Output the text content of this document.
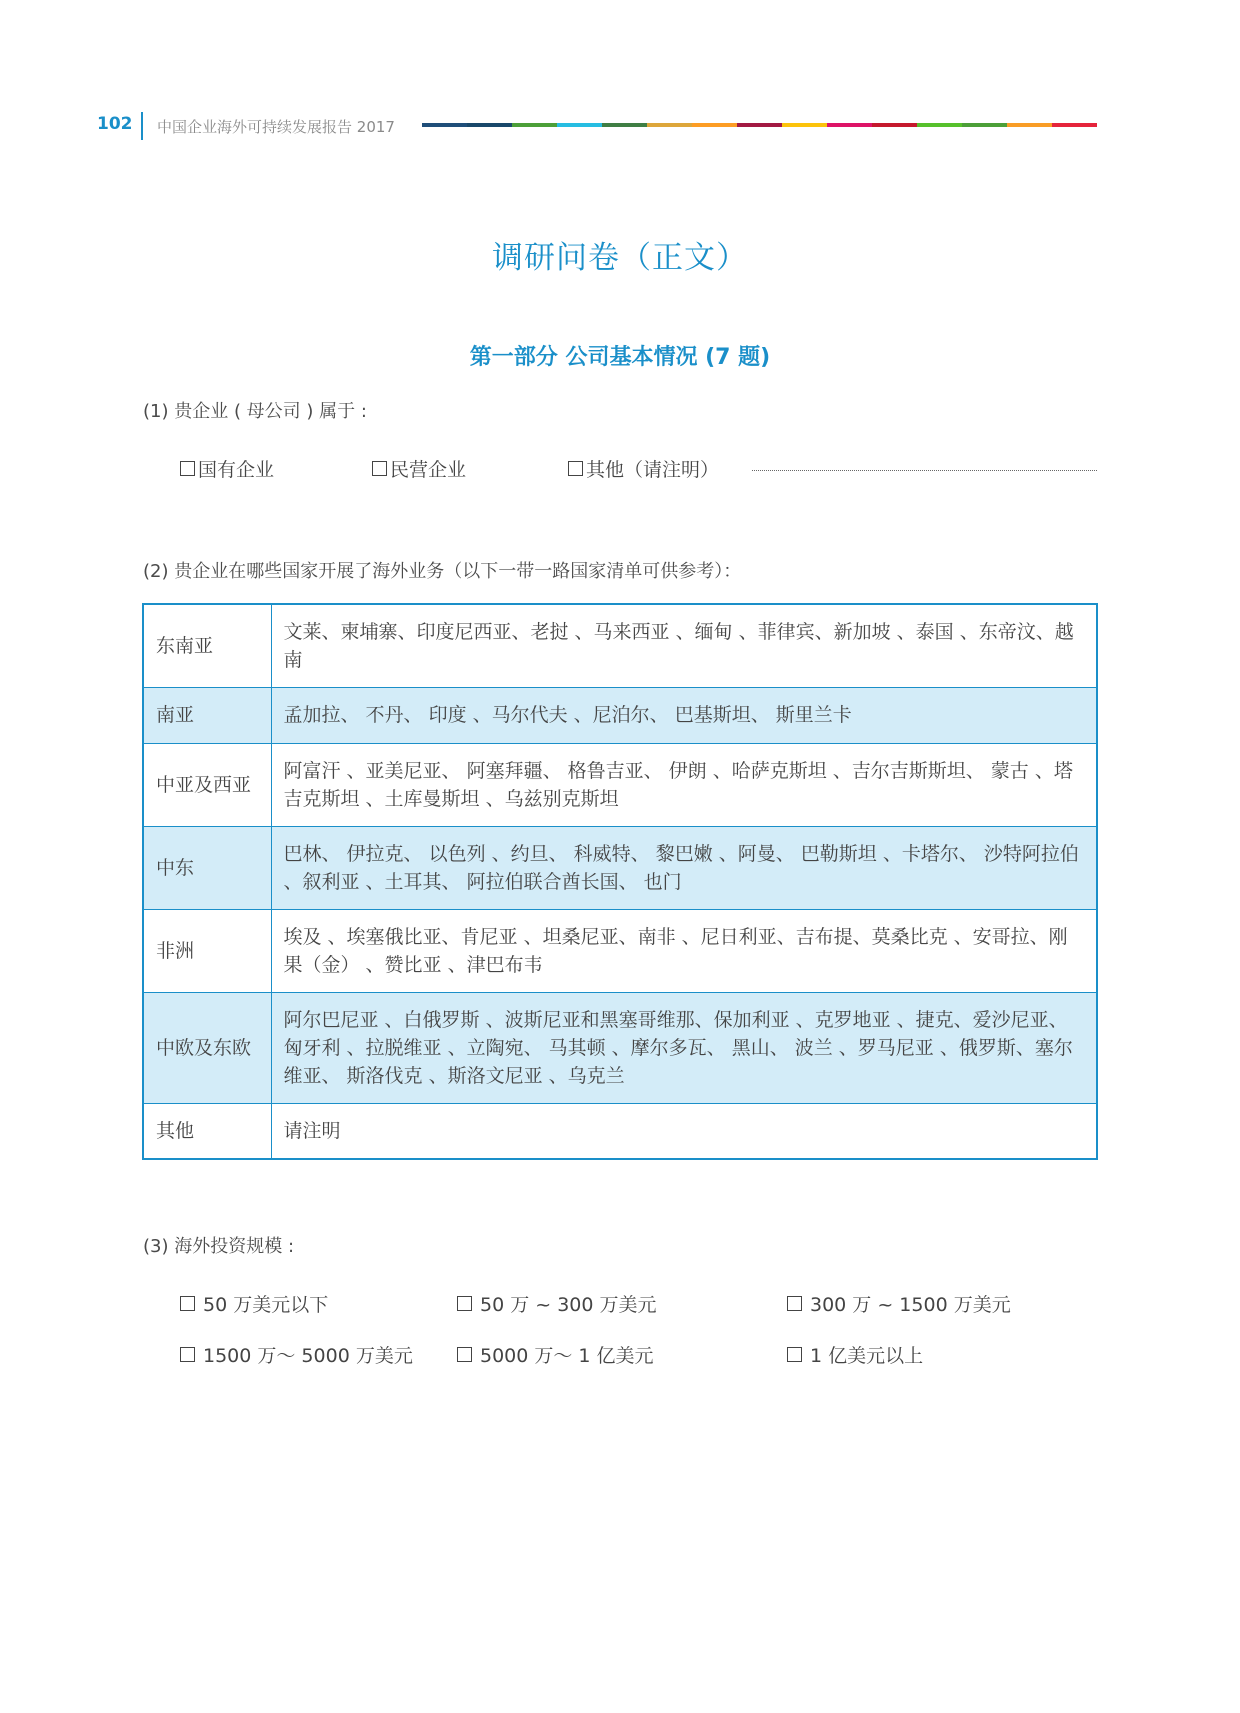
102 中国企业海外可持续发展报告 2017
调研问卷（正文）
第一部分 公司基本情况 (7 题)
(1) 贵企业 ( 母公司 ) 属于 :
国有企业	民营企业	其他（请注明）
(2) 贵企业在哪些国家开展了海外业务（以下一带一路国家清单可供参考）：
东南亚	文莱、柬埔寨、印度尼西亚、老挝 、马来西亚 、缅甸 、菲律宾、新加坡 、泰国 、东帝汶、越南
南亚	孟加拉、 不丹、 印度 、马尔代夫 、尼泊尔、 巴基斯坦、 斯里兰卡
中亚及西亚	阿富汗 、亚美尼亚、 阿塞拜疆、 格鲁吉亚、 伊朗 、哈萨克斯坦 、吉尔吉斯斯坦、 蒙古 、塔吉克斯坦 、土库曼斯坦 、乌兹别克斯坦
中东	巴林、 伊拉克、 以色列 、约旦、 科威特、 黎巴嫩 、阿曼、 巴勒斯坦 、卡塔尔、 沙特阿拉伯 、叙利亚 、土耳其、 阿拉伯联合酋长国、 也门
非洲	埃及 、埃塞俄比亚、肯尼亚 、坦桑尼亚、南非 、尼日利亚、吉布提、莫桑比克 、安哥拉、刚果（金） 、赞比亚 、津巴布韦
中欧及东欧	阿尔巴尼亚 、白俄罗斯 、波斯尼亚和黑塞哥维那、保加利亚 、克罗地亚 、捷克、爱沙尼亚、匈牙利 、拉脱维亚 、立陶宛、 马其顿 、摩尔多瓦、 黑山、 波兰 、罗马尼亚 、俄罗斯、塞尔维亚、 斯洛伐克 、斯洛文尼亚 、乌克兰
其他	请注明
(3) 海外投资规模 :
50 万美元以下	50 万 ~ 300 万美元	300 万 ~ 1500 万美元
1500 万～ 5000 万美元	5000 万～ 1 亿美元	1 亿美元以上
